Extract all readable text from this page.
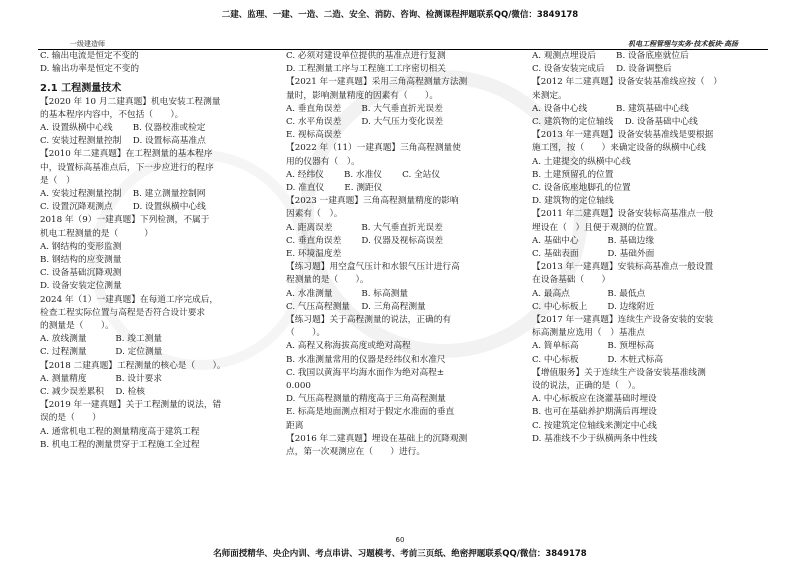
二建、监理、一建、一造、二造、安全、消防、咨询、检测课程押题联系QQ/微信：3849178
一级建造师	机电工程管理与实务·技术板块·高扬
C. 输出电流是恒定不变的
D. 输出功率是恒定不变的
2.1 工程测量技术
【2020 年 10 月二建真题】机电安装工程测量
的基本程序内容中，不包括（　　）。
A. 设置纵横中心线　　 B. 仪器校准或检定
C. 安装过程测量控制　 D. 设置标高基准点
【2010 年二建真题】在工程测量的基本程序
中，设置标高基准点后，下一步应进行的程序
是（　）
A. 安装过程测量控制　 B. 建立测量控制网
C. 设置沉降观测点　　 D. 设置纵横中心线
2018 年（9）一建真题】下列检测，不属于
机电工程测量的是（　　　）
A. 钢结构的变形监测
B. 钢结构的应变测量
C. 设备基础沉降观测
D. 设备安装定位测量
2024 年（1）一建真题】在每道工序完成后，
检查工程实际位置与高程是否符合设计要求
的测量是（　　）。
A. 放线测量　　　 B. 竣工测量
C. 过程测量　　　 D. 定位测量
【2018 二建真题】工程测量的核心是（　　）。
A. 测量精度　　　 B. 设计要求
C. 减少误差累积　 D. 检核
【2019 年一建真题】关于工程测量的说法，错
误的是（　　）
A. 通常机电工程的测量精度高于建筑工程
B. 机电工程的测量贯穿于工程施工全过程
C. 必须对建设单位提供的基准点进行复测
D. 工程测量工序与工程施工工序密切相关
【2021 年一建真题】采用三角高程测量方法测
量时，影响测量精度的因素有（　　）。
A. 垂直角误差　　 B. 大气垂直折光误差
C. 水平角误差　　 D. 大气压力变化误差
E. 视标高误差
【2022 年（11）一建真题】三角高程测量使
用的仪器有（　）。
A. 经纬仪　　 B. 水准仪　　 C. 全站仪
D. 准直仪　　 E. 测距仪
【2023 一建真题】三角高程测量精度的影响
因素有（　）。
A. 距离误差　　　 B. 大气垂直折光误差
C. 垂直角误差　　 D. 仪器及视标高误差
E. 环境温度差
【练习题】用空盒气压计和水银气压计进行高
程测量的是（　　）。
A. 水准测量　　　 B. 标高测量
C. 气压高程测量　 D. 三角高程测量
【练习题】关于高程测量的说法，正确的有
（　　）。
A. 高程又称海拔高度或绝对高程
B. 水准测量常用的仪器是经纬仪和水准尺
C. 我国以黄海平均海水面作为绝对高程±
0.000
D. 气压高程测量的精度高于三角高程测量
E. 标高是地面测点相对于假定水准面的垂直
距离
【2016 年二建真题】埋设在基础上的沉降观测
点，第一次观测应在（　　）进行。
A. 观测点埋设后　　 B. 设备底座就位后
C. 设备安装完成后　 D. 设备调整后
【2012 年二建真题】设备安装基准线应按（　）
来测定。
A. 设备中心线　　　 B. 建筑基础中心线
C. 建筑物的定位轴线　 D. 设备基础中心线
【2013 年一建真题】设备安装基准线是要根据
施工图，按（　　）来确定设备的纵横中心线
A. 土建提交的纵横中心线
B. 土建预留孔的位置
C. 设备底座地脚孔的位置
D. 建筑物的定位轴线
【2011 年二建真题】设备安装标高基准点一般
埋设在（　）且便于观测的位置。
A. 基础中心　　　 B. 基础边缘
C. 基础表面　　　 D. 基础外面
【2013 年一建真题】安装标高基准点一般设置
在设备基础（　　）
A. 最高点　　　　 B. 最低点
C. 中心标板上　　 D. 边缘附近
【2017 年一建真题】连续生产设备安装的安装
标高测量应选用（　）基准点
A. 简单标高　　　 B. 预埋标高
C. 中心标板　　　 D. 木桩式标高
【增值服务】关于连续生产设备安装基准线测
设的说法，正确的是（　）。
A. 中心标板应在浇灌基础时埋设
B. 也可在基础养护期满后再埋设
C. 按建筑定位轴线来测定中心线
D. 基准线不少于纵横两条中性线
60
名师面授精华、央企内训、考点串讲、习题模考、考前三页纸、绝密押题联系QQ/微信：3849178
